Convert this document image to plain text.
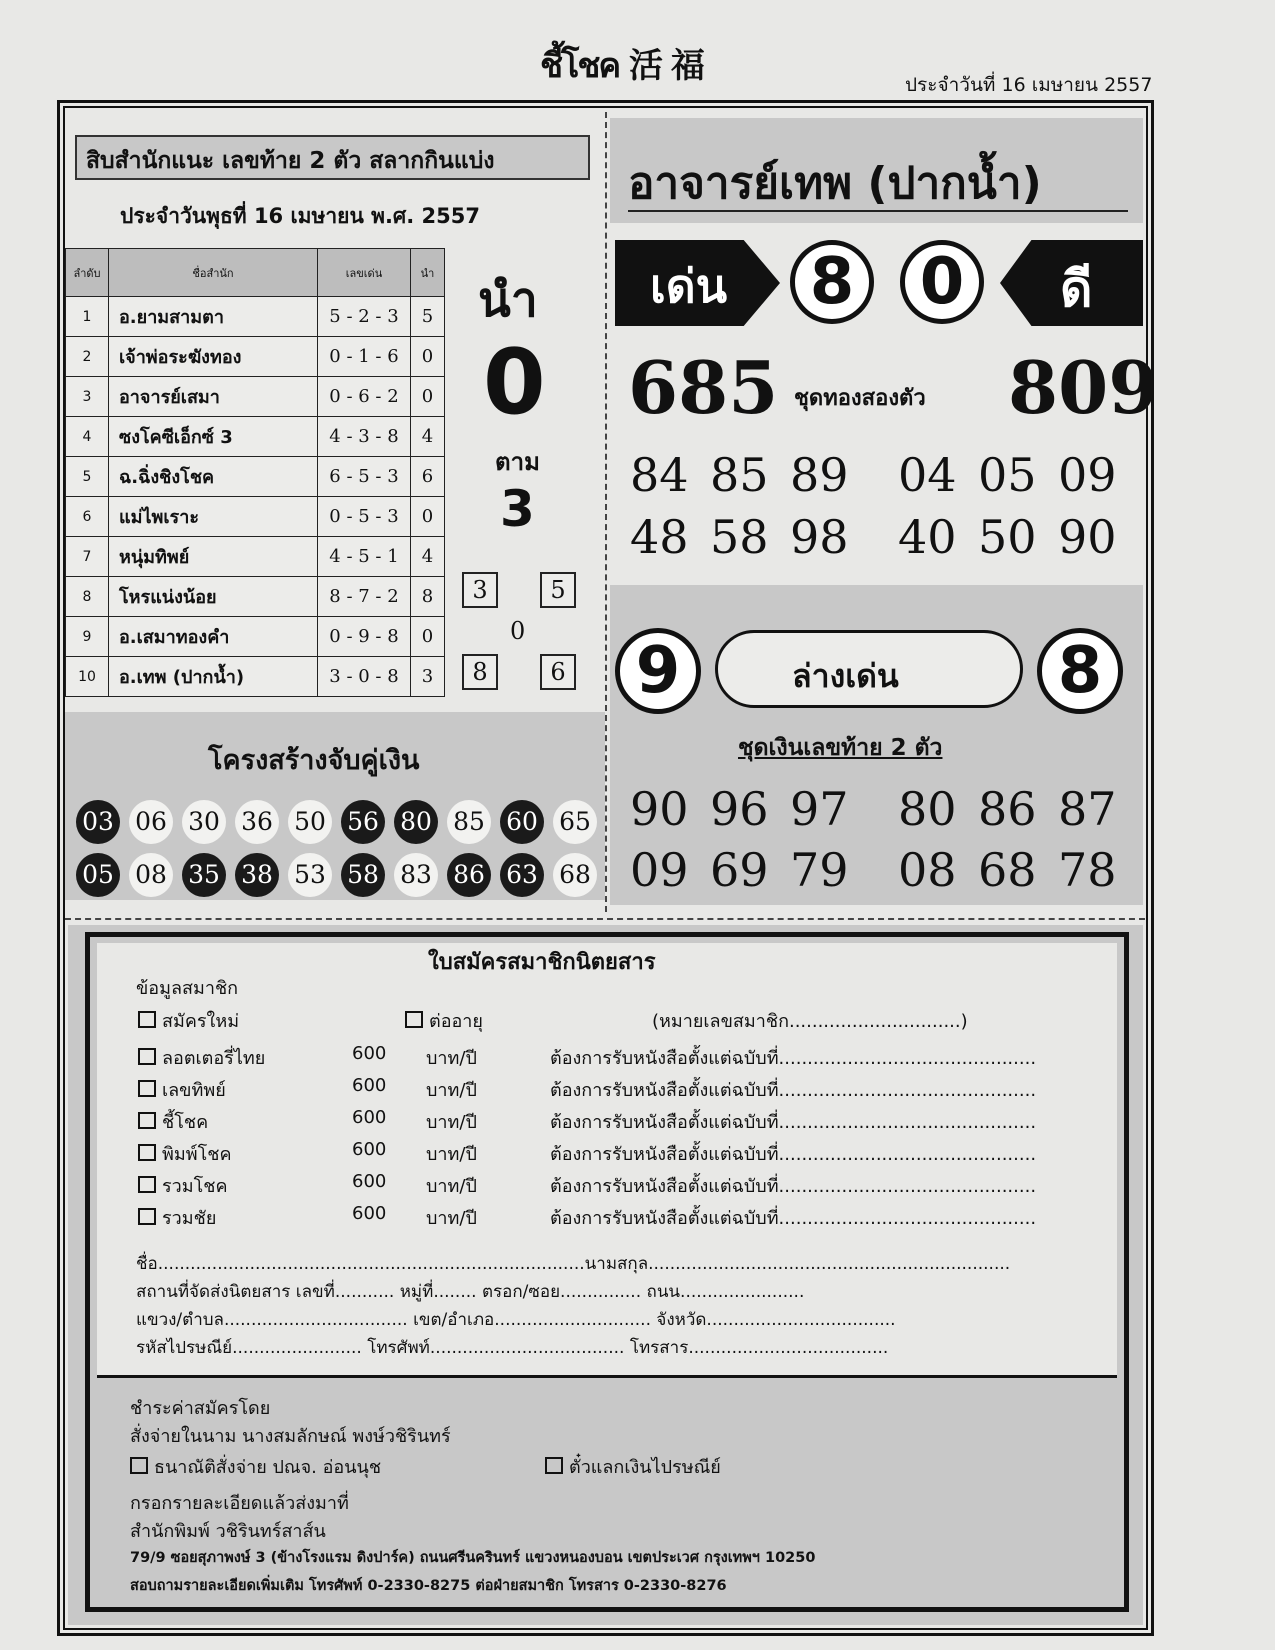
ชี้โชค 活 福	ประจำวันที่ 16 เมษายน 2557
สิบสำนักแนะ เลขท้าย 2 ตัว สลากกินแบ่ง
ประจำวันพุธที่ 16 เมษายน พ.ศ. 2557
ลำดับ	ชื่อสำนัก	เลขเด่น	นำ
1	อ.ยามสามตา	5 - 2 - 3	5
2	เจ้าพ่อระฆังทอง	0 - 1 - 6	0
3	อาจารย์เสมา	0 - 6 - 2	0
4	ซงโคซีเอ็กซ์ 3	4 - 3 - 8	4
5	ฉ.ฉิ่งชิงโชค	6 - 5 - 3	6
6	แม่ไพเราะ	0 - 5 - 3	0
7	หนุ่มทิพย์	4 - 5 - 1	4
8	โหรแน่งน้อย	8 - 7 - 2	8
9	อ.เสมาทองคำ	0 - 9 - 8	0
10	อ.เทพ (ปากน้ำ)	3 - 0 - 8	3
นำ
0
ตาม
3
3	5
0
8	6
โครงสร้างจับคู่เงิน
03 06 30 36 50 56 80 85 60 65
05 08 35 38 53 58 83 86 63 68
อาจารย์เทพ (ปากน้ำ)
เด่น	8	0	ดี
685 ชุดทองสองตัว 809
84 85 89 04 05 09
48 58 98 40 50 90
9	ล่างเด่น	8
ชุดเงินเลขท้าย 2 ตัว
90 96 97 80 86 87
09 69 79 08 68 78
ใบสมัครสมาชิกนิตยสาร
ข้อมูลสมาชิก
สมัครใหม่	ต่ออายุ	(หมายเลขสมาชิก..............................)
ลอตเตอรี่ไทย	600 บาท/ปี	ต้องการรับหนังสือตั้งแต่ฉบับที่.............................................
เลขทิพย์	600 บาท/ปี	ต้องการรับหนังสือตั้งแต่ฉบับที่.............................................
ชี้โชค	600 บาท/ปี	ต้องการรับหนังสือตั้งแต่ฉบับที่.............................................
พิมพ์โชค	600 บาท/ปี	ต้องการรับหนังสือตั้งแต่ฉบับที่.............................................
รวมโชค	600 บาท/ปี	ต้องการรับหนังสือตั้งแต่ฉบับที่.............................................
รวมชัย	600 บาท/ปี	ต้องการรับหนังสือตั้งแต่ฉบับที่.............................................
ชื่อ...............................................................................นามสกุล...................................................................
สถานที่จัดส่งนิตยสาร เลขที่........... หมู่ที่........ ตรอก/ซอย............... ถนน.......................
แขวง/ตำบล.................................. เขต/อำเภอ............................. จังหวัด...................................
รหัสไปรษณีย์........................ โทรศัพท์.................................... โทรสาร.....................................
ชำระค่าสมัครโดย
สั่งจ่ายในนาม นางสมลักษณ์ พงษ์วชิรินทร์
ธนาณัติสั่งจ่าย ปณจ. อ่อนนุช	ตั๋วแลกเงินไปรษณีย์
กรอกรายละเอียดแล้วส่งมาที่
สำนักพิมพ์ วชิรินทร์สาส์น
79/9 ซอยสุภาพงษ์ 3 (ข้างโรงแรม ดิงปาร์ค) ถนนศรีนครินทร์ แขวงหนองบอน เขตประเวศ กรุงเทพฯ 10250
สอบถามรายละเอียดเพิ่มเติม โทรศัพท์ 0-2330-8275 ต่อฝ่ายสมาชิก โทรสาร 0-2330-8276
